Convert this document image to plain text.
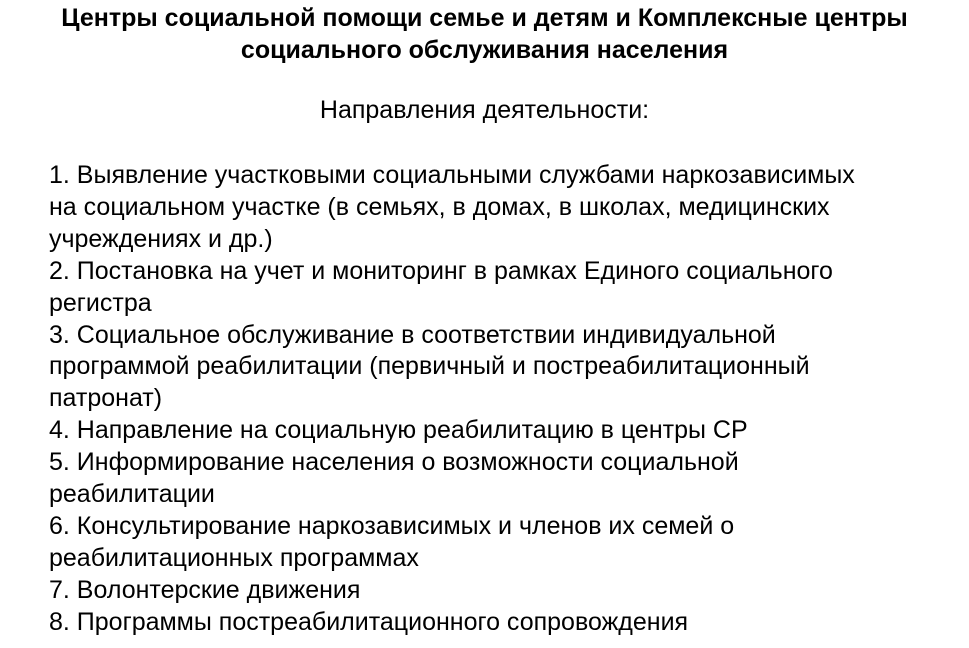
Центры социальной помощи семье и детям и Комплексные центры
социального обслуживания населения

Направления деятельности:

1. Выявление участковыми социальными службами наркозависимых
на социальном участке (в семьях, в домах, в школах, медицинских
учреждениях и др.)
2. Постановка на учет и мониторинг в рамках Единого социального
регистра
3. Социальное обслуживание в соответствии индивидуальной
программой реабилитации (первичный и постреабилитационный
патронат)
4. Направление на социальную реабилитацию в центры СР
5. Информирование населения о возможности социальной
реабилитации
6. Консультирование наркозависимых и членов их семей о
реабилитационных программах
7. Волонтерские движения
8. Программы постреабилитационного сопровождения
